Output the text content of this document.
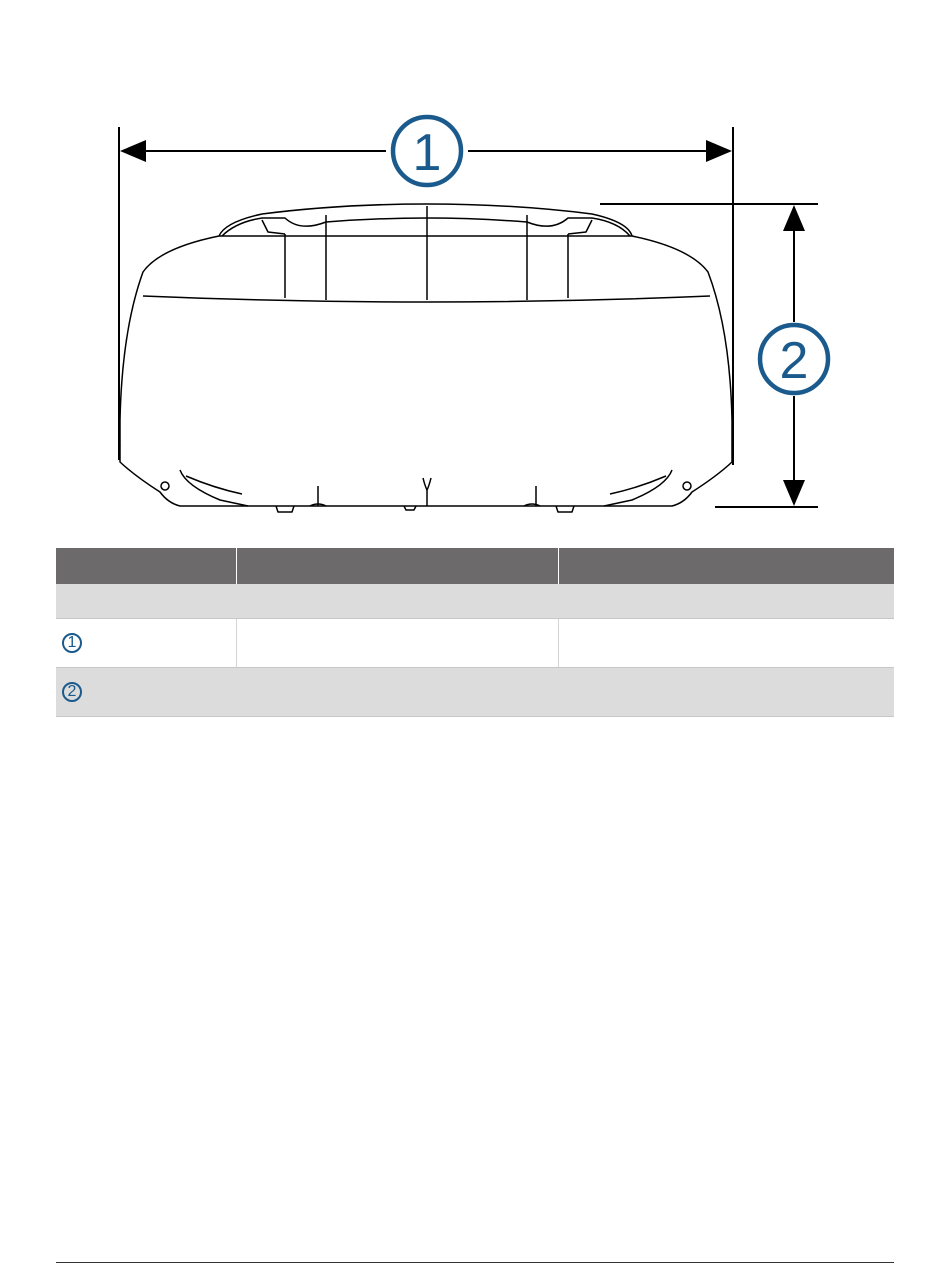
1
2

1		
2		
